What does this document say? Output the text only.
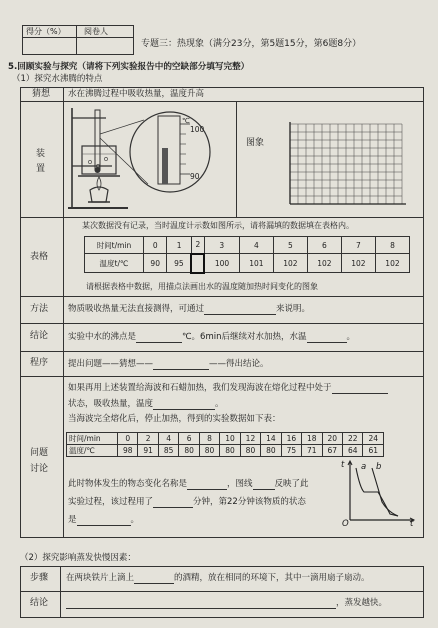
得分（%） 阅卷人
专题三：热现象（满分23分，第5题15分，第6题8分）
5.回顾实验与探究（请将下列实验报告中的空缺部分填写完整）
（1）探究水沸腾的特点
猜想 水在沸腾过程中吸收热量，温度升高
装
置
℃
100
90
图象
表格
某次数据没有记录，当时温度计示数如图所示，请将漏填的数据填在表格内。
时间t/min	0	1	2	3	4	5	6	7	8
温度t/℃	90	95		100	101	102	102	102	102
请根据表格中数据，用描点法画出水的温度随加热时间变化的图象
方法 物质吸收热量无法直接测得，可通过	来说明。
结论 实验中水的沸点是	℃。6min后继续对水加热，水温	。
程序 提出问题——猜想——	——得出结论。
问题
讨论
如果再用上述装置给海波和石蜡加热，我们发现海波在熔化过程中处于
状态，吸收热量，温度	。
当海波完全熔化后，停止加热，得到的实验数据如下表：
时间/min	0	2	4	6	8	10	12	14	16	18	20	22	24
温度/℃	98	91	85	80	80	80	80	80	75	71	67	64	61
此时物体发生的物态变化名称是	，图线	反映了此
实验过程，该过程用了	分钟，第22分钟该物质的状态
是	。
t a b
O	t
（2）探究影响蒸发快慢因素：
步骤 在两块铁片上滴上	的酒精，放在相同的环境下，其中一滴用扇子扇动。
结论	，蒸发越快。
